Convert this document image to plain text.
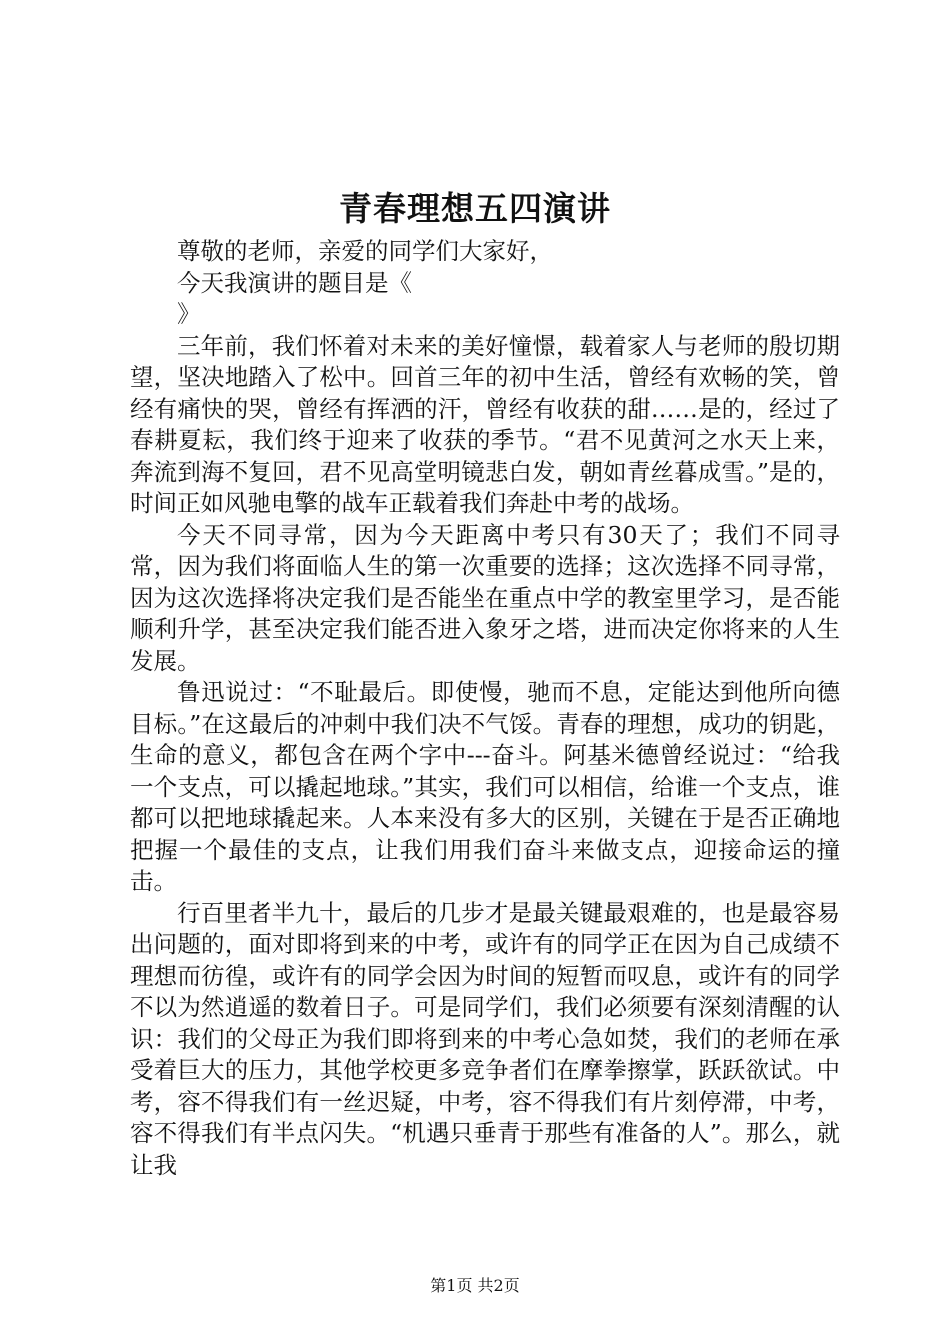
青春理想五四演讲

尊敬的老师，亲爱的同学们大家好，

今天我演讲的题目是《

》

三年前，我们怀着对未来的美好憧憬，载着家人与老师的殷切期望，坚决地踏入了松中。回首三年的初中生活，曾经有欢畅的笑，曾经有痛快的哭，曾经有挥洒的汗，曾经有收获的甜……是的，经过了春耕夏耘，我们终于迎来了收获的季节。“君不见黄河之水天上来，奔流到海不复回，君不见高堂明镜悲白发，朝如青丝暮成雪。”是的，时间正如风驰电擎的战车正载着我们奔赴中考的战场。

今天不同寻常，因为今天距离中考只有30天了；我们不同寻常，因为我们将面临人生的第一次重要的选择；这次选择不同寻常，因为这次选择将决定我们是否能坐在重点中学的教室里学习，是否能顺利升学，甚至决定我们能否进入象牙之塔，进而决定你将来的人生发展。

鲁迅说过：“不耻最后。即使慢，驰而不息，定能达到他所向德目标。”在这最后的冲刺中我们决不气馁。青春的理想，成功的钥匙，生命的意义，都包含在两个字中---奋斗。阿基米德曾经说过：“给我一个支点，可以撬起地球。”其实，我们可以相信，给谁一个支点，谁都可以把地球撬起来。人本来没有多大的区别，关键在于是否正确地把握一个最佳的支点，让我们用我们奋斗来做支点，迎接命运的撞击。

行百里者半九十，最后的几步才是最关键最艰难的，也是最容易出问题的，面对即将到来的中考，或许有的同学正在因为自己成绩不理想而彷徨，或许有的同学会因为时间的短暂而叹息，或许有的同学不以为然逍遥的数着日子。可是同学们，我们必须要有深刻清醒的认识：我们的父母正为我们即将到来的中考心急如焚，我们的老师在承受着巨大的压力，其他学校更多竞争者们在摩拳擦掌，跃跃欲试。中考，容不得我们有一丝迟疑，中考，容不得我们有片刻停滞，中考，容不得我们有半点闪失。“机遇只垂青于那些有准备的人”。那么，就让我

第1页 共2页
